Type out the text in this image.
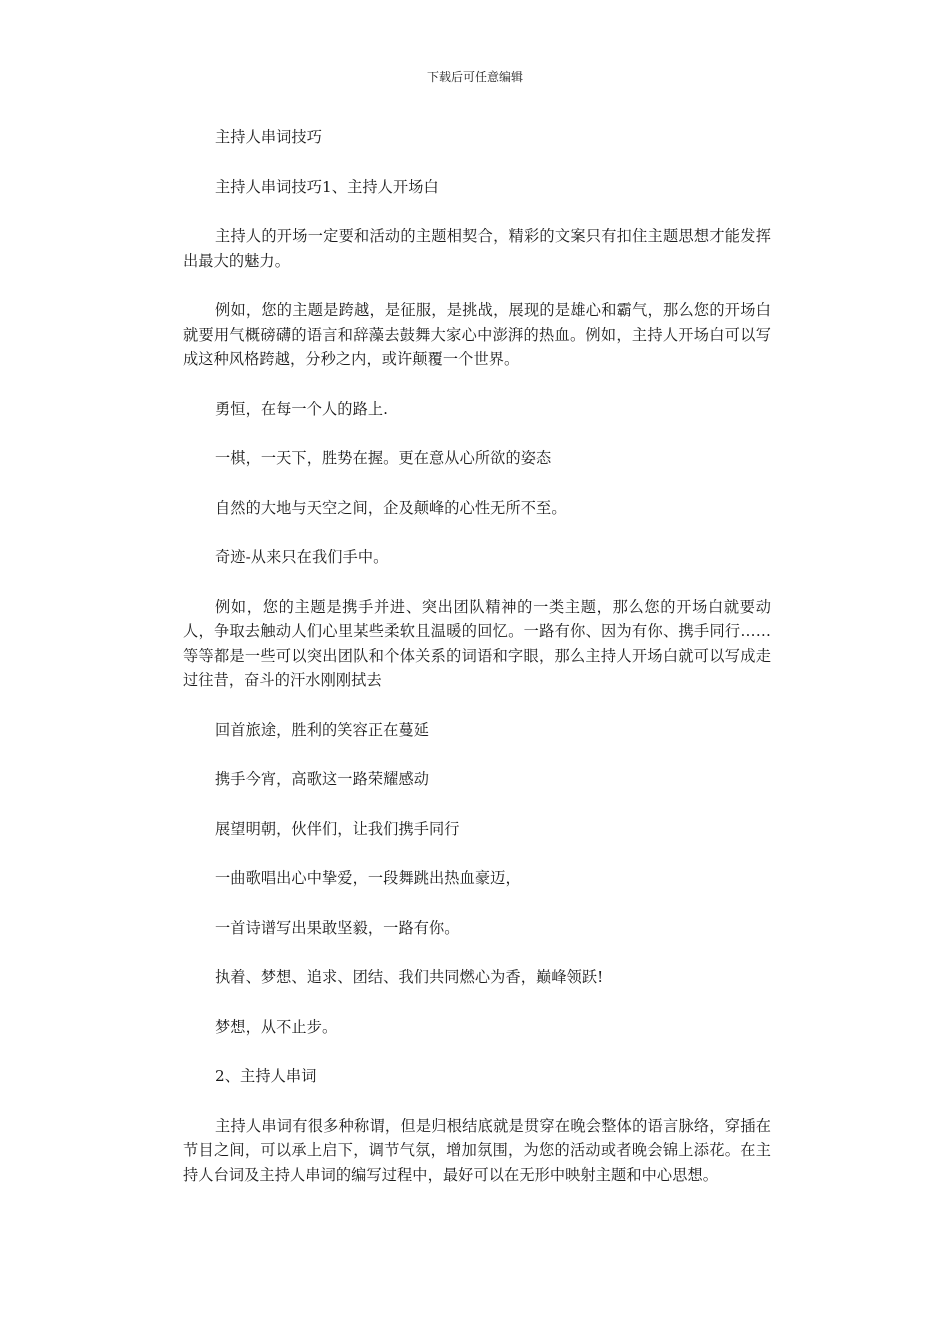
下载后可任意编辑

主持人串词技巧

主持人串词技巧1、主持人开场白

主持人的开场一定要和活动的主题相契合，精彩的文案只有扣住主题思想才能发挥出最大的魅力。

例如，您的主题是跨越，是征服，是挑战，展现的是雄心和霸气，那么您的开场白就要用气概磅礴的语言和辞藻去鼓舞大家心中澎湃的热血。例如，主持人开场白可以写成这种风格跨越，分秒之内，或许颠覆一个世界。

勇恒，在每一个人的路上.

一棋，一天下，胜势在握。更在意从心所欲的姿态

自然的大地与天空之间，企及颠峰的心性无所不至。

奇迹-从来只在我们手中。

例如，您的主题是携手并进、突出团队精神的一类主题，那么您的开场白就要动人，争取去触动人们心里某些柔软且温暖的回忆。一路有你、因为有你、携手同行……等等都是一些可以突出团队和个体关系的词语和字眼，那么主持人开场白就可以写成走过往昔，奋斗的汗水刚刚拭去

回首旅途，胜利的笑容正在蔓延

携手今宵，高歌这一路荣耀感动

展望明朝，伙伴们，让我们携手同行

一曲歌唱出心中挚爱，一段舞跳出热血豪迈，

一首诗谱写出果敢坚毅，一路有你。

执着、梦想、追求、团结、我们共同燃心为香，巅峰领跃!

梦想，从不止步。

2、主持人串词

主持人串词有很多种称谓，但是归根结底就是贯穿在晚会整体的语言脉络，穿插在节目之间，可以承上启下，调节气氛，增加氛围，为您的活动或者晚会锦上添花。在主持人台词及主持人串词的编写过程中，最好可以在无形中映射主题和中心思想。
